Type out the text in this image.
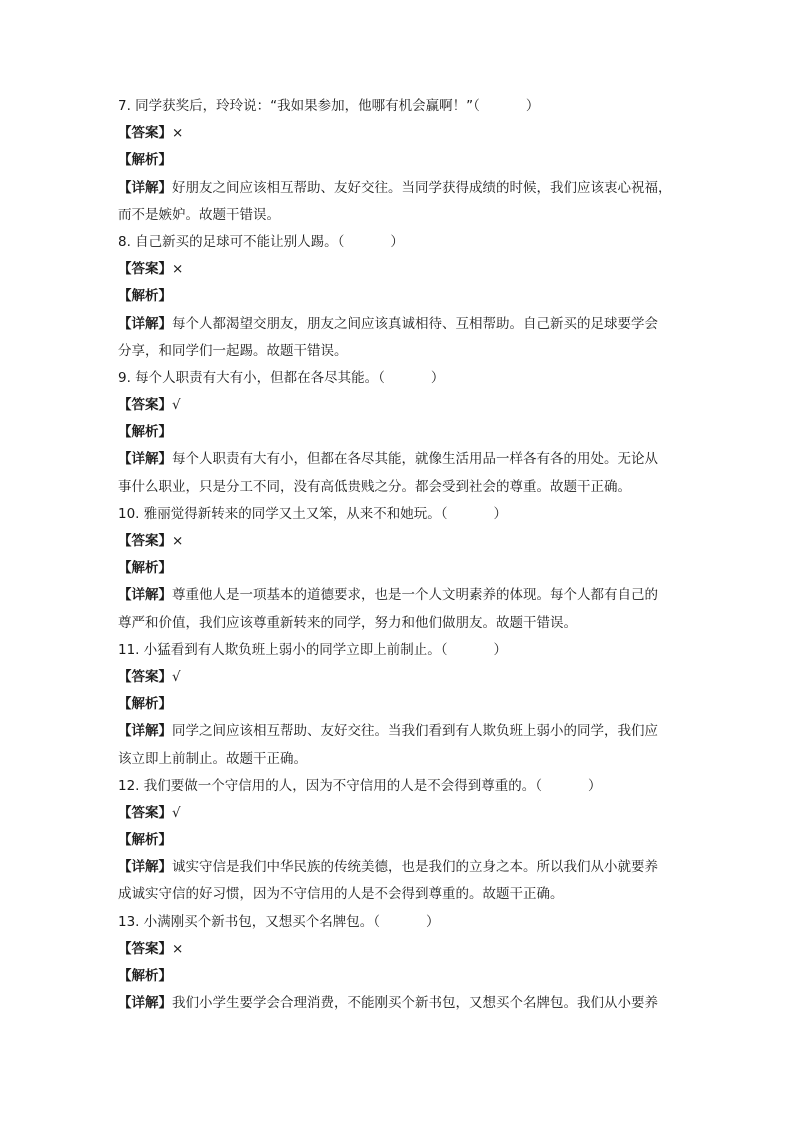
7. 同学获奖后，玲玲说：“我如果参加，他哪有机会赢啊！”（	）
【答案】×
【解析】
【详解】好朋友之间应该相互帮助、友好交往。当同学获得成绩的时候，我们应该衷心祝福，
而不是嫉妒。故题干错误。
8. 自己新买的足球可不能让别人踢。（	）
【答案】×
【解析】
【详解】每个人都渴望交朋友，朋友之间应该真诚相待、互相帮助。自己新买的足球要学会
分享，和同学们一起踢。故题干错误。
9. 每个人职责有大有小，但都在各尽其能。（	）
【答案】√
【解析】
【详解】每个人职责有大有小，但都在各尽其能，就像生活用品一样各有各的用处。无论从
事什么职业，只是分工不同，没有高低贵贱之分。都会受到社会的尊重。故题干正确。
10. 雅丽觉得新转来的同学又土又笨，从来不和她玩。（	）
【答案】×
【解析】
【详解】尊重他人是一项基本的道德要求，也是一个人文明素养的体现。每个人都有自己的
尊严和价值，我们应该尊重新转来的同学，努力和他们做朋友。故题干错误。
11. 小猛看到有人欺负班上弱小的同学立即上前制止。（	）
【答案】√
【解析】
【详解】同学之间应该相互帮助、友好交往。当我们看到有人欺负班上弱小的同学，我们应
该立即上前制止。故题干正确。
12. 我们要做一个守信用的人，因为不守信用的人是不会得到尊重的。（	）
【答案】√
【解析】
【详解】诚实守信是我们中华民族的传统美德，也是我们的立身之本。所以我们从小就要养
成诚实守信的好习惯，因为不守信用的人是不会得到尊重的。故题干正确。
13. 小满刚买个新书包，又想买个名牌包。（	）
【答案】×
【解析】
【详解】我们小学生要学会合理消费，不能刚买个新书包，又想买个名牌包。我们从小要养
